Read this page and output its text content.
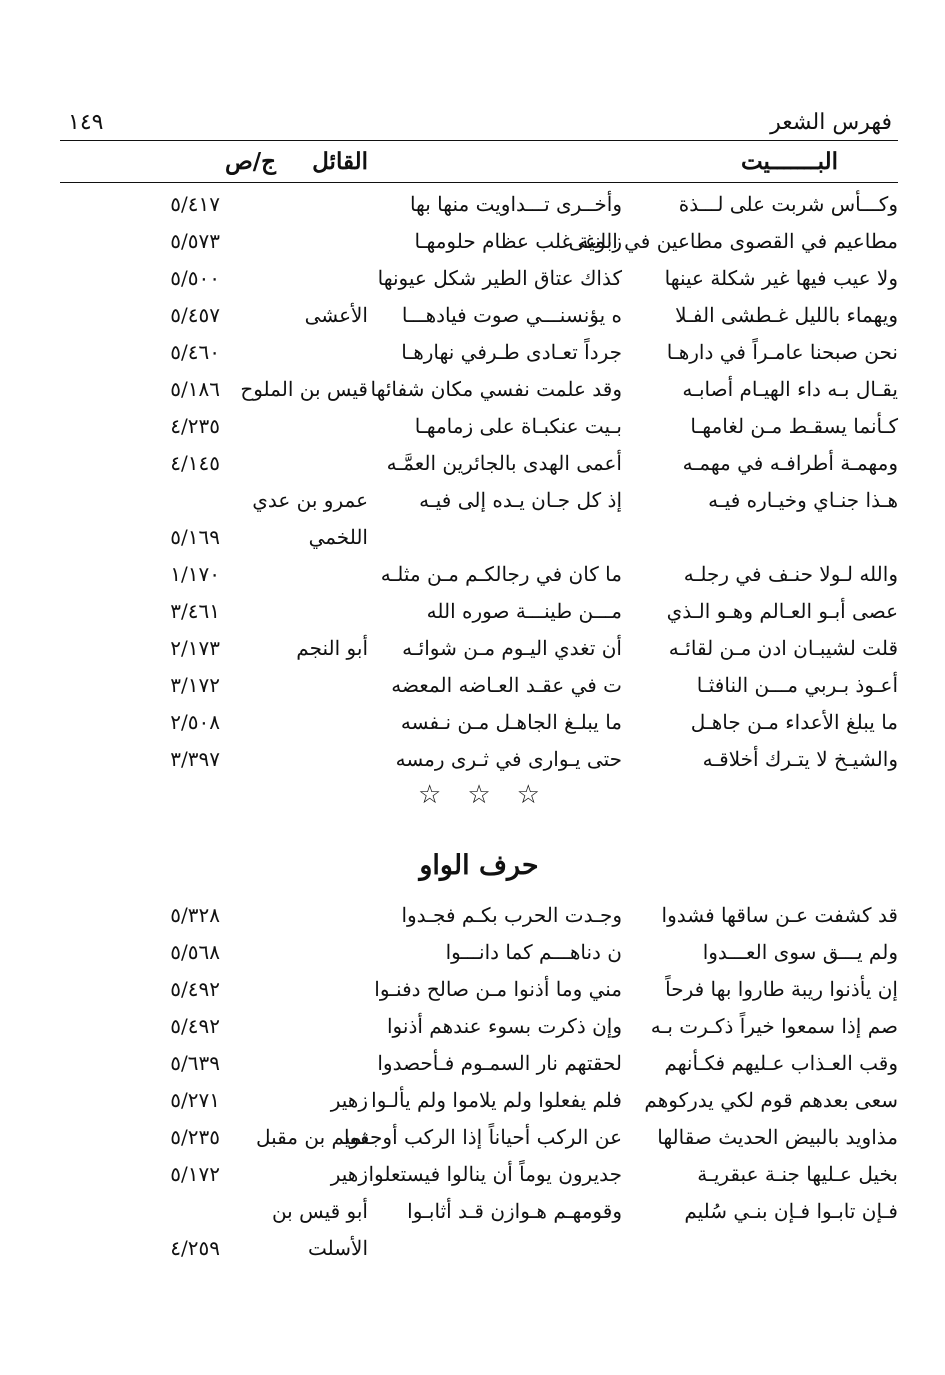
فهرس الشعر
١٤٩
البـــــــيت
القائل
ج/ص
وكـــأس شربت على لـــذة
وأخــرى تـــداويت منها بها
٥/٤١٧
مطاعيم في القصوى مطاعين في الوغى
زبانية غلب عظام حلومهـا
٥/٥٧٣
ولا عيب فيها غير شكلة عينها
كذاك عتاق الطير شكل عيونها
٥/٥٠٠
ويهماء بالليل غـطشى الفـلا
ه يؤنسنـــي صوت فيادهـــا
الأعشى
٥/٤٥٧
نحن صبحنا عامـراً في دارهـا
جرداً تعـادى طـرفي نهارهـا
٥/٤٦٠
يقـال بـه داء الهيـام أصابـه
وقد علمت نفسي مكان شفائها
قيس بن الملوح
٥/١٨٦
كـأنما يسقـط مـن لغامهـا
بـيت عنكبـاة على زمامهـا
٤/٢٣٥
ومهمـة أطرافـه في مهمـه
أعمى الهدى بالجائرين العمَّـه
٤/١٤٥
هـذا جنـاي وخيـاره فيـه
إذ كل جـان يـده إلى فيـه
عمرو بن عدي
اللخمي
٥/١٦٩
والله لـولا حنـف في رجلـه
ما كان في رجالكـم مـن مثلـه
١/١٧٠
عصى أبـو العـالم وهـو الـذي
مـــن طينـــة صوره الله
٣/٤٦١
قلت لشيبـان ادن مـن لقائـه
أن تغدي اليـوم مـن شوائـه
أبو النجم
٢/١٧٣
أعـوذ بـربي مـــن النافثـا
ت في عقـد العـاضه المعضه
٣/١٧٢
ما يبلغ الأعداء مـن جاهـل
ما يبلـغ الجاهـل مـن نـفسه
٢/٥٠٨
والشيـخ لا يتـرك أخلاقـه
حتى يـوارى في ثـرى رمسه
٣/٣٩٧
☆☆☆
حرف الواو
قد كشفت عـن ساقها فشدوا
وجـدت الحرب بكـم فجـدوا
٥/٣٢٨
ولم يـــق سوى العـــدوا
ن دناهـــم كما دانـــوا
٥/٥٦٨
إن يأذنوا ريبة طاروا بها فرحاً
مني وما أذنوا مـن صالح دفنـوا
٥/٤٩٢
صم إذا سمعوا خيراً ذكـرت بـه
وإن ذكرت بسوء عندهم أذنوا
٥/٤٩٢
وقب العـذاب عـليهم فكـأنهم
لحقتهم نار السمـوم فـأحصدوا
٥/٦٣٩
سعى بعدهم قوم لكي يدركوهم
فلم يفعلوا ولم يلاموا ولم يألـوا
زهير
٥/٢٧١
مذاويد بالبيض الحديث صقالها
عن الركب أحياناً إذا الركب أوجفوا
تميم بن مقبل
٥/٢٣٥
بخيل عـليها جنـة عبقريـة
جديرون يوماً أن ينالوا فيستعلوا
زهير
٥/١٧٢
فـإن تابـوا فـإن بنـي سُليم
وقومهـم هـوازن قـد أثابـوا
أبو قيس بن
الأسلت
٤/٢٥٩
